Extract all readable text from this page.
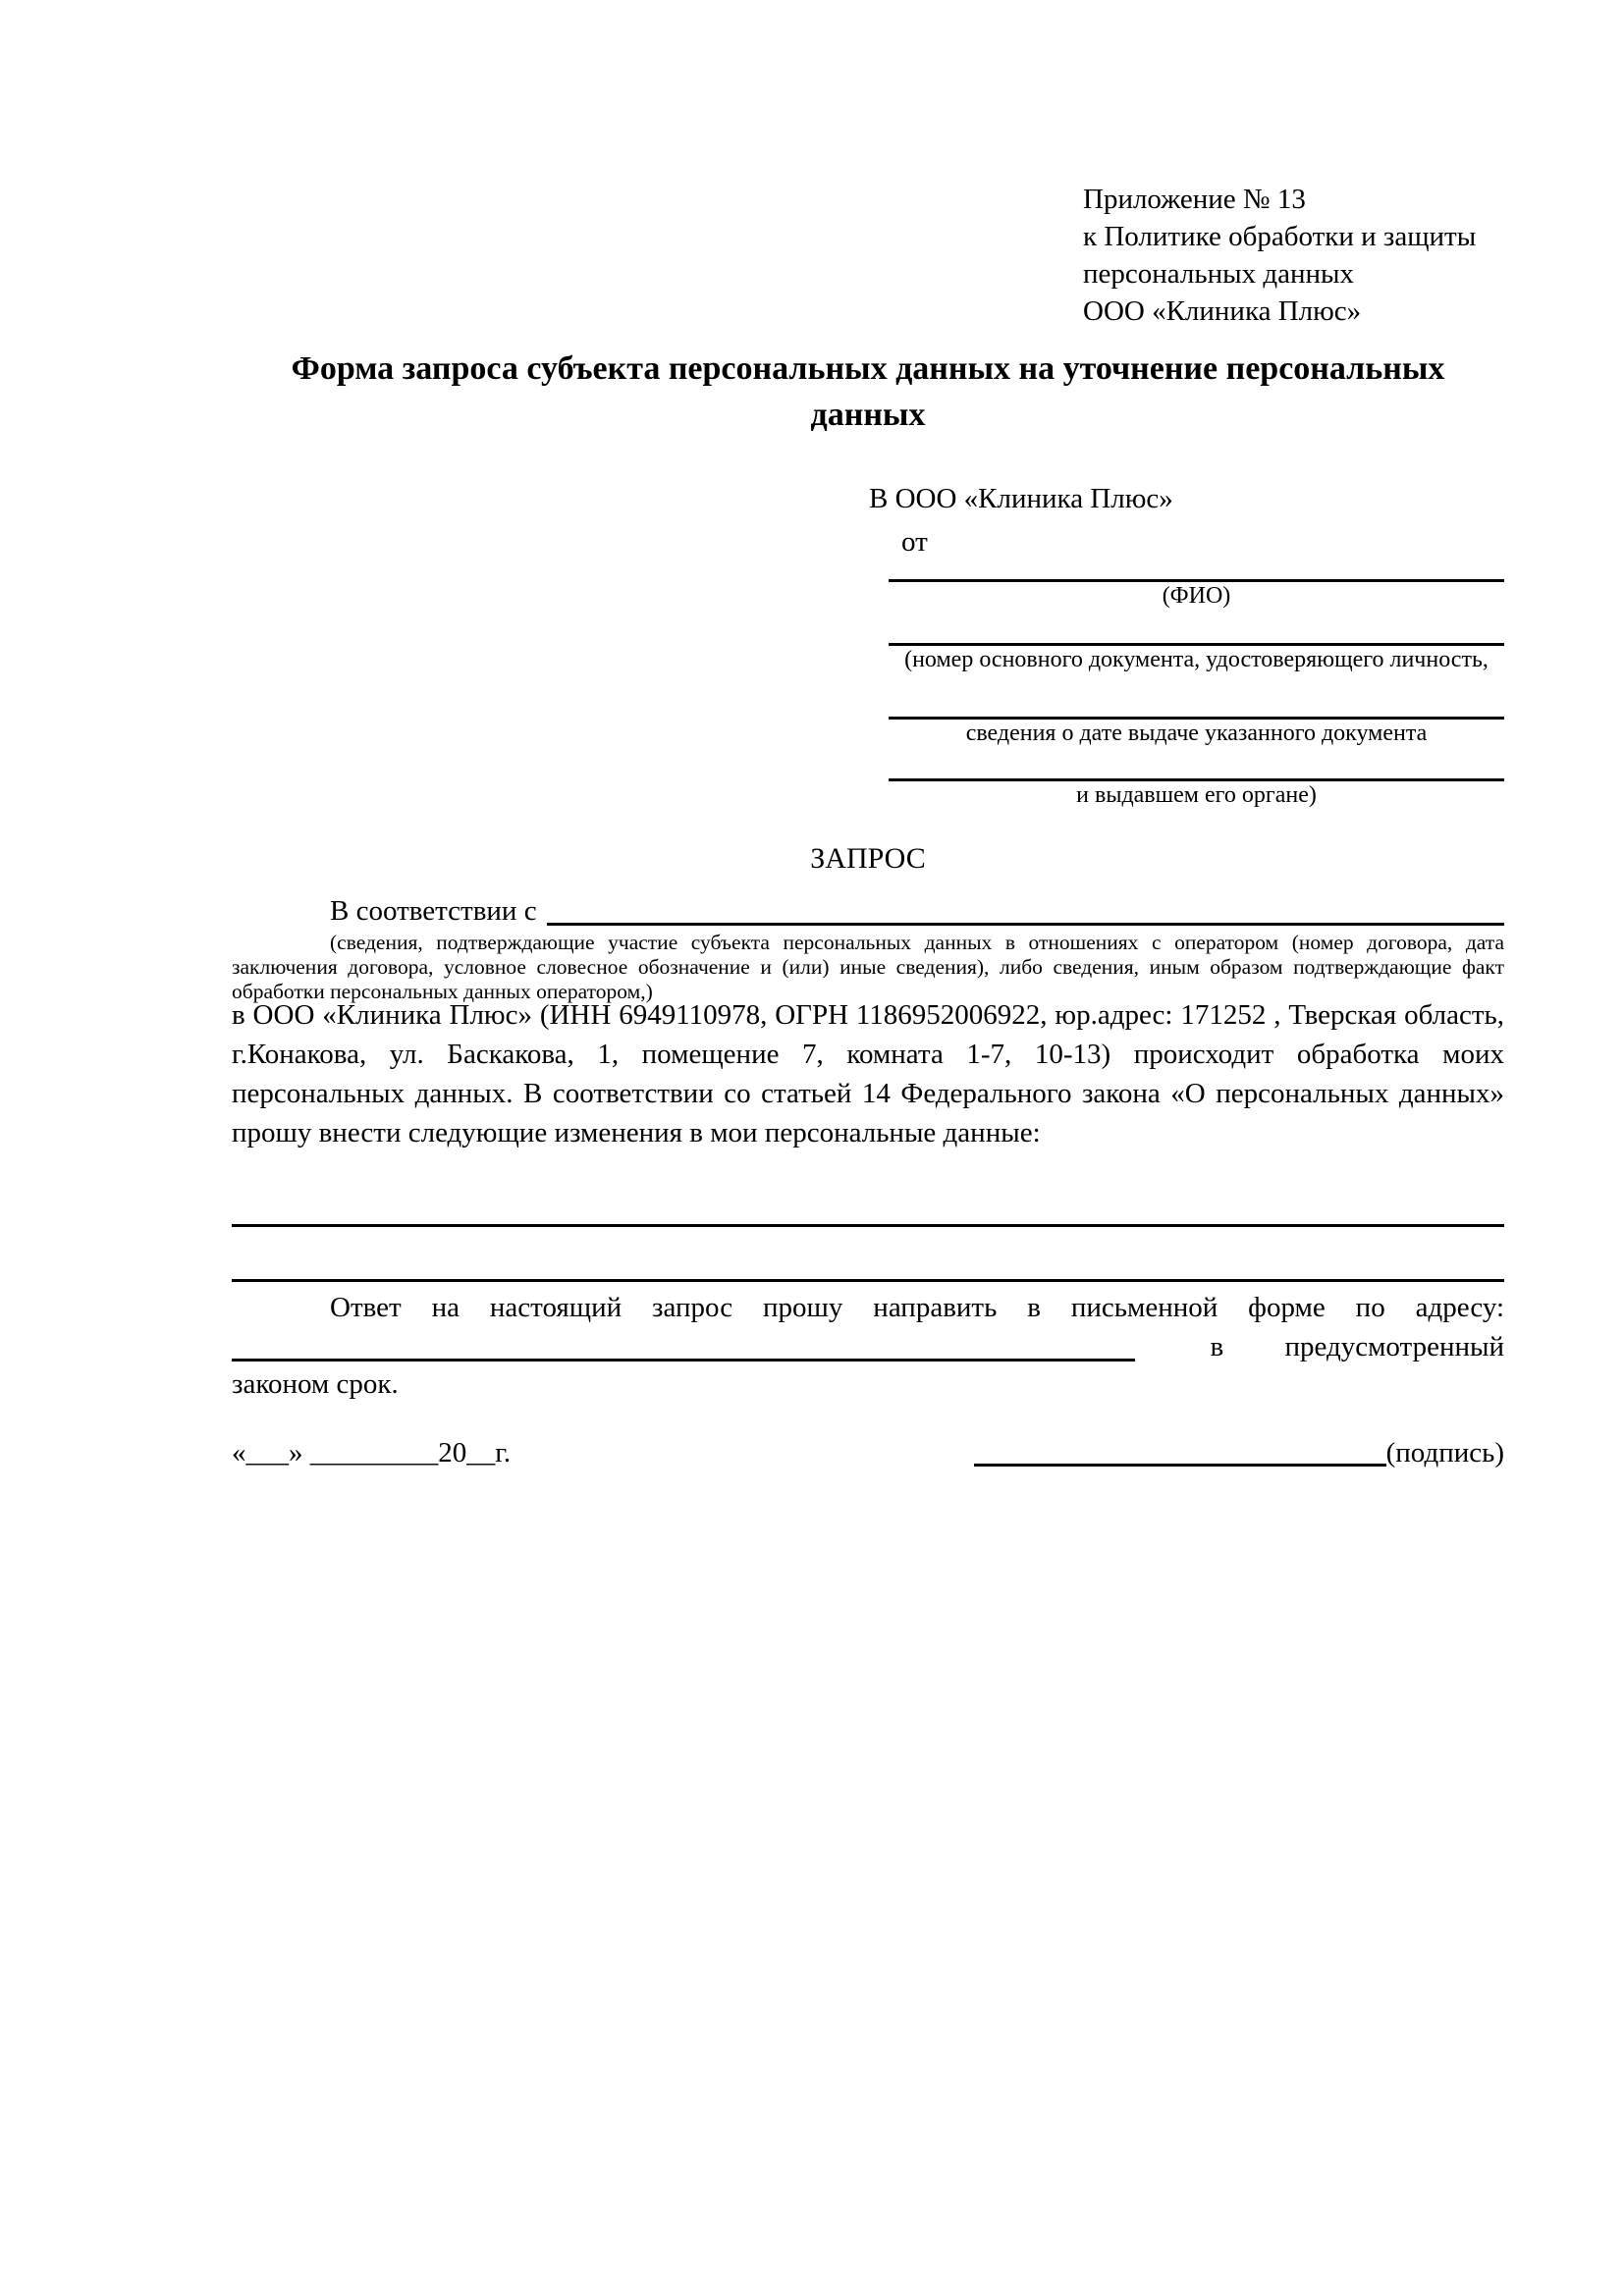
Приложение № 13
к Политике обработки и защиты
персональных данных
ООО «Клиника Плюс»
Форма запроса субъекта персональных данных на уточнение персональных данных
В ООО «Клиника Плюс»
от
(ФИО)
(номер основного документа, удостоверяющего личность,
сведения о дате выдаче указанного документа
и выдавшем его органе)
ЗАПРОС
В соответствии с
(сведения, подтверждающие участие субъекта персональных данных в отношениях с оператором (номер договора, дата заключения договора, условное словесное обозначение и (или) иные сведения), либо сведения, иным образом подтверждающие факт обработки персональных данных оператором,)
в ООО «Клиника Плюс» (ИНН 6949110978, ОГРН 1186952006922, юр.адрес: 171252 , Тверская область, г.Конакова, ул. Баскакова, 1, помещение 7, комната 1-7, 10-13) происходит обработка моих персональных данных. В соответствии со статьей 14 Федерального закона «О персональных данных» прошу внести следующие изменения в мои персональные данные:
Ответ на настоящий запрос прошу направить в письменной форме по адресу:
в предусмотренный
законом срок.
«___» _________20__г.	(подпись)
